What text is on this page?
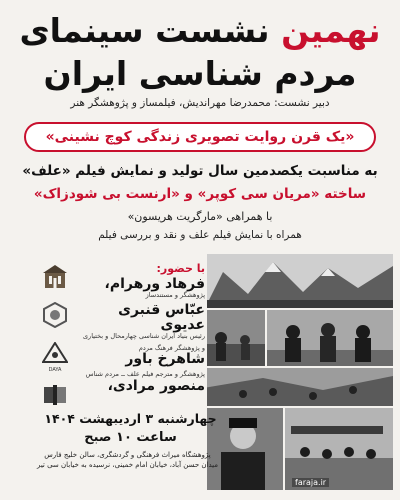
نهمین نشست سینمای
مردم شناسی ایران
دبیر نشست: محمدرضا مهراندیش، فیلمساز و پژوهشگر هنر
«یک قرن روایت تصویری زندگی کوچ نشینی»
به مناسبت یکصدمین سال تولید و نمایش فیلم «علف»
ساخته «مریان سی کوپر» و «ارنست بی شودزاک»
با همراهی «مارگریت هریسون»
همراه با نمایش فیلم علف و نقد و بررسی فیلم
DAYA
با حضور:
فرهاد ورهرام،
پژوهشگر و مستندساز
عبّاس قنبری عدیوی
رئیس بنیاد ایران شناسی چهارمحال و بختیاری
و پژوهشگر فرهنگ مردم
شاهرخ باور
پژوهشگر و مترجم فیلم علف ــ مردم شناس
منصور مرادی،
چهارشنبه ۳ اردیبهشت ۱۴۰۴
ساعت ۱۰ صبح
پژوهشگاه میراث فرهنگی و گردشگری، سالن خلیج فارس
میدان حسن آباد، خیابان امام خمینی، نرسیده به خیابان سی تیر
faraja.ir
